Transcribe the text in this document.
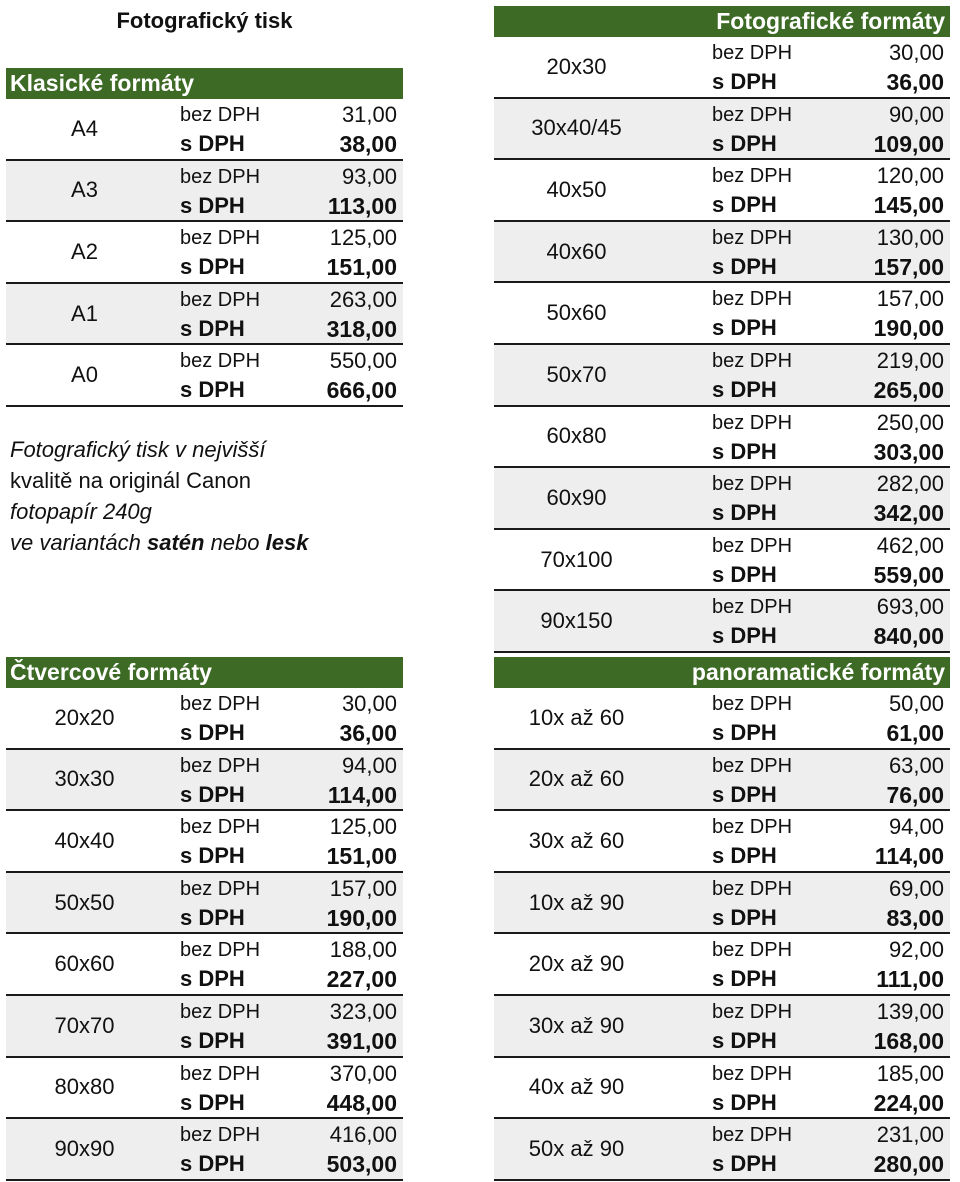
Fotografický tisk
Klasické formáty
A4
bez DPH	31,00
s DPH	38,00
A3
bez DPH	93,00
s DPH	113,00
A2
bez DPH	125,00
s DPH	151,00
A1
bez DPH	263,00
s DPH	318,00
A0
bez DPH	550,00
s DPH	666,00
Fotografický tisk v nejvišší
kvalitě na originál Canon
fotopapír 240g
ve variantách satén nebo lesk
Čtvercové formáty
20x20
bez DPH	30,00
s DPH	36,00
30x30
bez DPH	94,00
s DPH	114,00
40x40
bez DPH	125,00
s DPH	151,00
50x50
bez DPH	157,00
s DPH	190,00
60x60
bez DPH	188,00
s DPH	227,00
70x70
bez DPH	323,00
s DPH	391,00
80x80
bez DPH	370,00
s DPH	448,00
90x90
bez DPH	416,00
s DPH	503,00
Fotografické formáty
20x30
bez DPH	30,00
s DPH	36,00
30x40/45
bez DPH	90,00
s DPH	109,00
40x50
bez DPH	120,00
s DPH	145,00
40x60
bez DPH	130,00
s DPH	157,00
50x60
bez DPH	157,00
s DPH	190,00
50x70
bez DPH	219,00
s DPH	265,00
60x80
bez DPH	250,00
s DPH	303,00
60x90
bez DPH	282,00
s DPH	342,00
70x100
bez DPH	462,00
s DPH	559,00
90x150
bez DPH	693,00
s DPH	840,00
panoramatické formáty
10x až 60
bez DPH	50,00
s DPH	61,00
20x až 60
bez DPH	63,00
s DPH	76,00
30x až 60
bez DPH	94,00
s DPH	114,00
10x až 90
bez DPH	69,00
s DPH	83,00
20x až 90
bez DPH	92,00
s DPH	111,00
30x až 90
bez DPH	139,00
s DPH	168,00
40x až 90
bez DPH	185,00
s DPH	224,00
50x až 90
bez DPH	231,00
s DPH	280,00
